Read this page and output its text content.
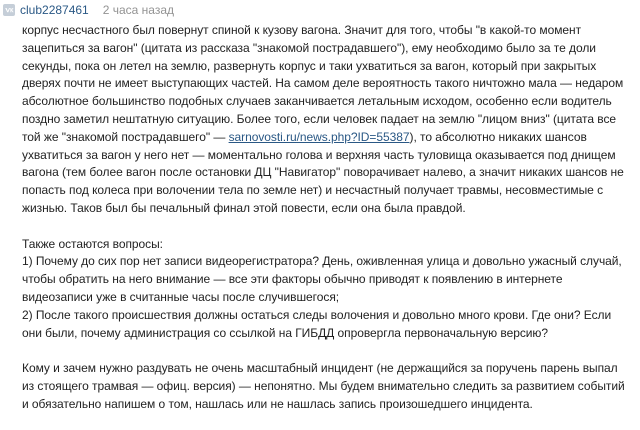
club2287461 2 часа назад

корпус несчастного был повернут спиной к кузову вагона. Значит для того, чтобы "в какой-то момент зацепиться за вагон" (цитата из рассказа "знакомой пострадавшего"), ему необходимо было за те доли секунды, пока он летел на землю, развернуть корпус и таки ухватиться за вагон, который при закрытых дверях почти не имеет выступающих частей. На самом деле вероятность такого ничтожно мала — недаром абсолютное большинство подобных случаев заканчивается летальным исходом, особенно если водитель поздно заметил нештатную ситуацию. Более того, если человек падает на землю "лицом вниз" (цитата все той же "знакомой пострадавшего" — sarnovosti.ru/news.php?ID=55387), то абсолютно никаких шансов ухватиться за вагон у него нет — моментально голова и верхняя часть туловища оказывается под днищем вагона (тем более вагон после остановки ДЦ "Навигатор" поворачивает налево, а значит никаких шансов не попасть под колеса при волочении тела по земле нет) и несчастный получает травмы, несовместимые с жизнью. Таков был бы печальный финал этой повести, если она была правдой.

Также остаются вопросы:

1) Почему до сих пор нет записи видеорегистратора? День, оживленная улица и довольно ужасный случай, чтобы обратить на него внимание — все эти факторы обычно приводят к появлению в интернете видеозаписи уже в считанные часы после случившегося;

2) После такого происшествия должны остаться следы волочения и довольно много крови. Где они? Если они были, почему администрация со ссылкой на ГИБДД опровергла первоначальную версию?

Кому и зачем нужно раздувать не очень масштабный инцидент (не держащийся за поручень парень выпал из стоящего трамвая — офиц. версия) — непонятно. Мы будем внимательно следить за развитием событий и обязательно напишем о том, нашлась или не нашлась запись произошедшего инцидента.
